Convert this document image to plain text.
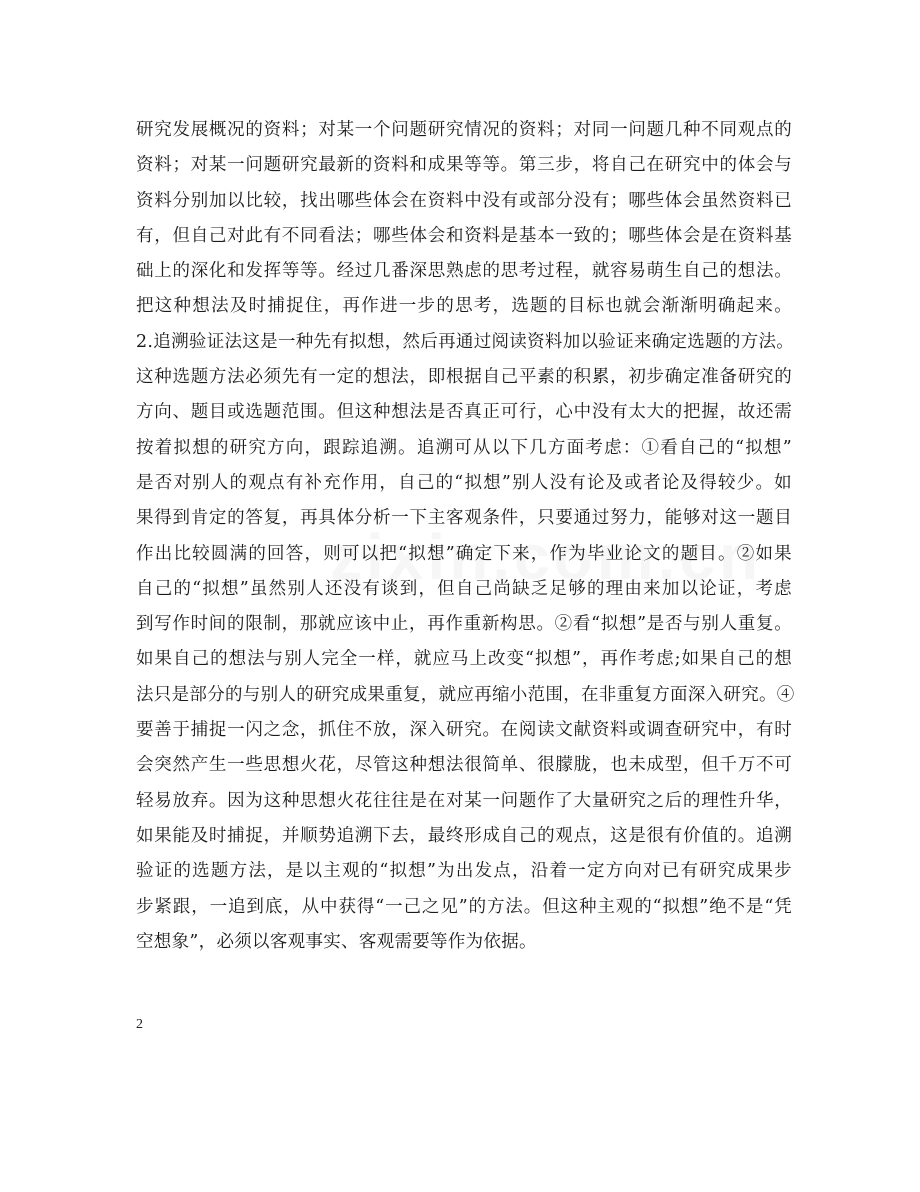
研究发展概况的资料；对某一个问题研究情况的资料；对同一问题几种不同观点的
资料；对某一问题研究最新的资料和成果等等。第三步，将自己在研究中的体会与
资料分别加以比较，找出哪些体会在资料中没有或部分没有；哪些体会虽然资料已
有，但自己对此有不同看法；哪些体会和资料是基本一致的；哪些体会是在资料基
础上的深化和发挥等等。经过几番深思熟虑的思考过程，就容易萌生自己的想法。
把这种想法及时捕捉住，再作进一步的思考，选题的目标也就会渐渐明确起来。
2.追溯验证法这是一种先有拟想，然后再通过阅读资料加以验证来确定选题的方法。
这种选题方法必须先有一定的想法，即根据自己平素的积累，初步确定准备研究的
方向、题目或选题范围。但这种想法是否真正可行，心中没有太大的把握，故还需
按着拟想的研究方向，跟踪追溯。追溯可从以下几方面考虑：①看自己的“拟想”
是否对别人的观点有补充作用，自己的“拟想”别人没有论及或者论及得较少。如
果得到肯定的答复，再具体分析一下主客观条件，只要通过努力，能够对这一题目
作出比较圆满的回答，则可以把“拟想”确定下来，作为毕业论文的题目。②如果
自己的“拟想”虽然别人还没有谈到，但自己尚缺乏足够的理由来加以论证，考虑
到写作时间的限制，那就应该中止，再作重新构思。②看“拟想”是否与别人重复。
如果自己的想法与别人完全一样，就应马上改变“拟想”，再作考虑;如果自己的想
法只是部分的与别人的研究成果重复，就应再缩小范围，在非重复方面深入研究。④
要善于捕捉一闪之念，抓住不放，深入研究。在阅读文献资料或调查研究中，有时
会突然产生一些思想火花，尽管这种想法很简单、很朦胧，也未成型，但千万不可
轻易放弃。因为这种思想火花往往是在对某一问题作了大量研究之后的理性升华，
如果能及时捕捉，并顺势追溯下去，最终形成自己的观点，这是很有价值的。追溯
验证的选题方法，是以主观的“拟想”为出发点，沿着一定方向对已有研究成果步
步紧跟，一追到底，从中获得“一己之见”的方法。但这种主观的“拟想”绝不是“凭
空想象”，必须以客观事实、客观需要等作为依据。
2
